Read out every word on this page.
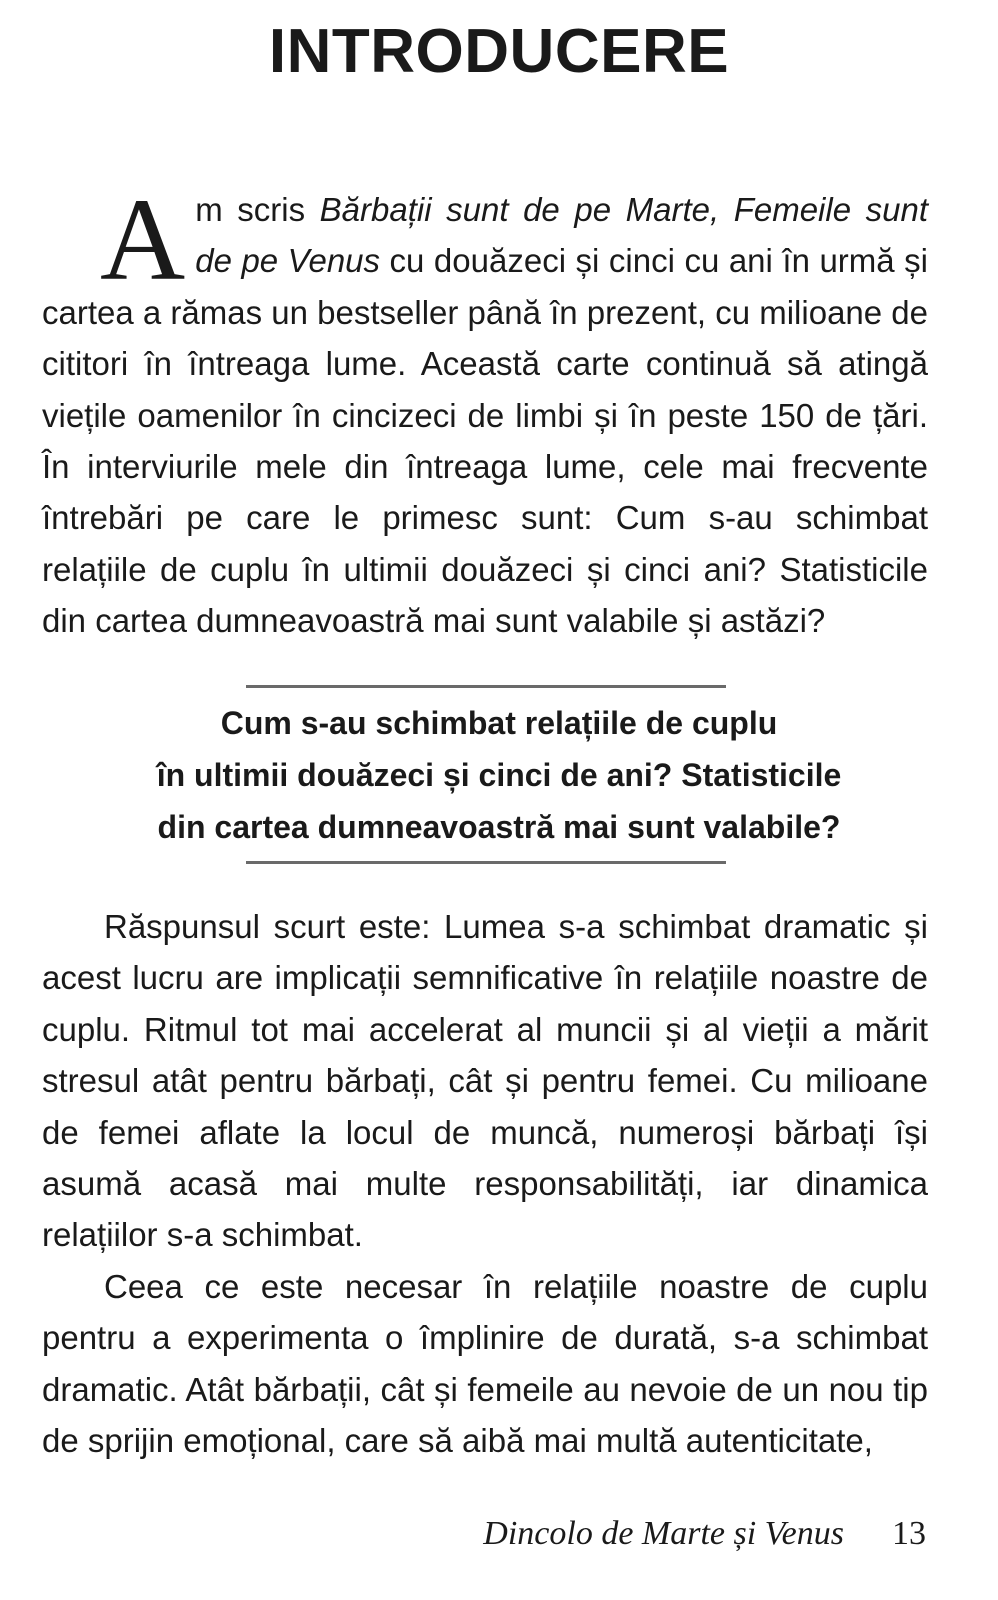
INTRODUCERE

Am scris Bărbații sunt de pe Marte, Femeile sunt de pe Venus cu douăzeci și cinci cu ani în urmă și cartea a rămas un bestseller până în prezent, cu milioane de cititori în întreaga lume. Această carte continuă să atingă viețile oamenilor în cincizeci de limbi și în peste 150 de țări. În interviurile mele din întreaga lume, cele mai frecvente întrebări pe care le primesc sunt: Cum s-au schimbat relațiile de cuplu în ultimii douăzeci și cinci ani? Statisticile din cartea dumneavoastră mai sunt valabile și astăzi?

Cum s-au schimbat relațiile de cuplu
în ultimii douăzeci și cinci de ani? Statisticile
din cartea dumneavoastră mai sunt valabile?

Răspunsul scurt este: Lumea s-a schimbat dramatic și acest lucru are implicații semnificative în relațiile noastre de cuplu. Ritmul tot mai accelerat al muncii și al vieții a mărit stresul atât pentru bărbați, cât și pentru femei. Cu milioane de femei aflate la locul de muncă, numeroși bărbați își asumă acasă mai multe responsabilități, iar dinamica relațiilor s-a schimbat.

Ceea ce este necesar în relațiile noastre de cuplu pentru a experimenta o împlinire de durată, s-a schimbat dramatic. Atât bărbații, cât și femeile au nevoie de un nou tip de sprijin emoțional, care să aibă mai multă autenticitate,

Dincolo de Marte și Venus 13
